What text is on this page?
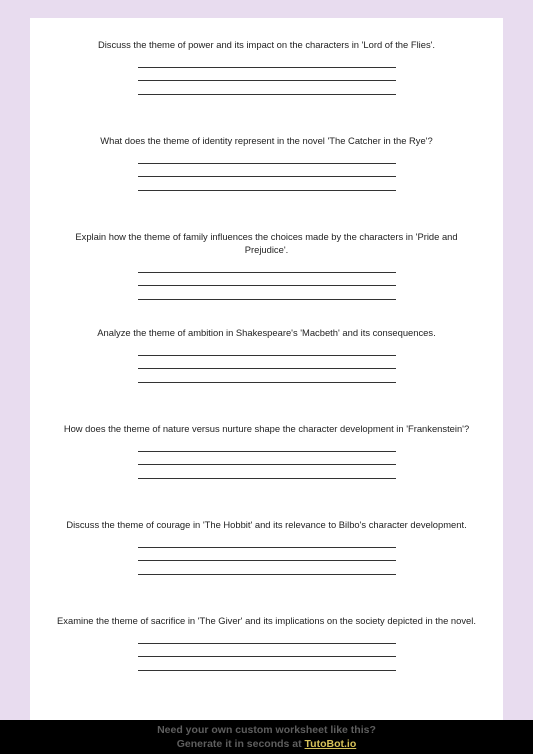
Discuss the theme of power and its impact on the characters in 'Lord of the Flies'.

What does the theme of identity represent in the novel 'The Catcher in the Rye'?

Explain how the theme of family influences the choices made by the characters in 'Pride and Prejudice'.

Analyze the theme of ambition in Shakespeare's 'Macbeth' and its consequences.

How does the theme of nature versus nurture shape the character development in 'Frankenstein'?

Discuss the theme of courage in 'The Hobbit' and its relevance to Bilbo's character development.

Examine the theme of sacrifice in 'The Giver' and its implications on the society depicted in the novel.

Need your own custom worksheet like this?
Generate it in seconds at TutoBot.io
